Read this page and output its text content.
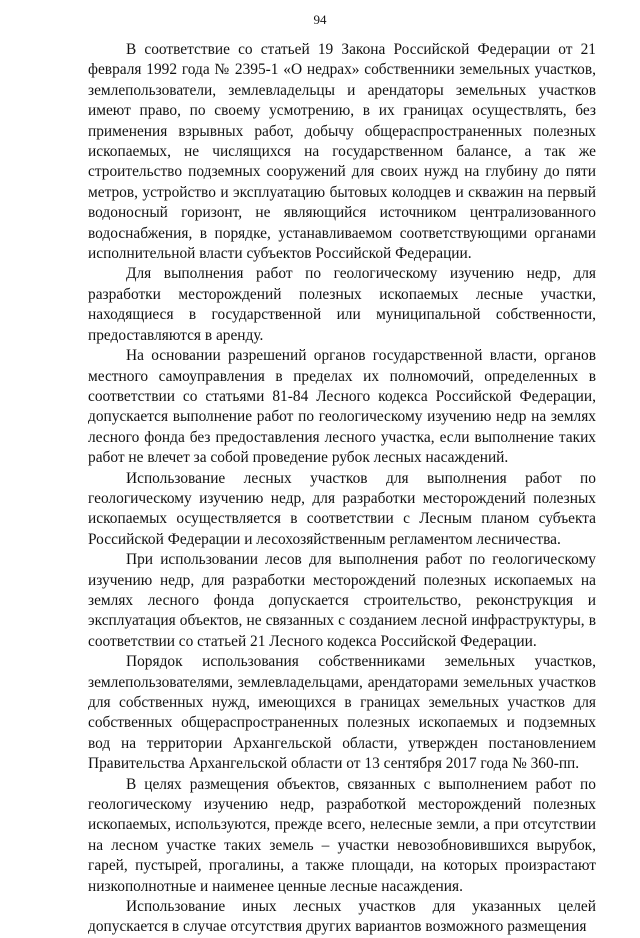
94

В соответствие со статьей 19 Закона Российской Федерации от 21 февраля 1992 года № 2395-1 «О недрах» собственники земельных участков, землепользователи, землевладельцы и арендаторы земельных участков имеют право, по своему усмотрению, в их границах осуществлять, без применения взрывных работ, добычу общераспространенных полезных ископаемых, не числящихся на государственном балансе, а так же строительство подземных сооружений для своих нужд на глубину до пяти метров, устройство и эксплуатацию бытовых колодцев и скважин на первый водоносный горизонт, не являющийся источником централизованного водоснабжения, в порядке, устанавливаемом соответствующими органами исполнительной власти субъектов Российской Федерации.

Для выполнения работ по геологическому изучению недр, для разработки месторождений полезных ископаемых лесные участки, находящиеся в государственной или муниципальной собственности, предоставляются в аренду.

На основании разрешений органов государственной власти, органов местного самоуправления в пределах их полномочий, определенных в соответствии со статьями 81-84 Лесного кодекса Российской Федерации, допускается выполнение работ по геологическому изучению недр на землях лесного фонда без предоставления лесного участка, если выполнение таких работ не влечет за собой проведение рубок лесных насаждений.

Использование лесных участков для выполнения работ по геологическому изучению недр, для разработки месторождений полезных ископаемых осуществляется в соответствии с Лесным планом субъекта Российской Федерации и лесохозяйственным регламентом лесничества.

При использовании лесов для выполнения работ по геологическому изучению недр, для разработки месторождений полезных ископаемых на землях лесного фонда допускается строительство, реконструкция и эксплуатация объектов, не связанных с созданием лесной инфраструктуры, в соответствии со статьей 21 Лесного кодекса Российской Федерации.

Порядок использования собственниками земельных участков, землепользователями, землевладельцами, арендаторами земельных участков для собственных нужд, имеющихся в границах земельных участков для собственных общераспространенных полезных ископаемых и подземных вод на территории Архангельской области, утвержден постановлением Правительства Архангельской области от 13 сентября 2017 года № 360-пп.

В целях размещения объектов, связанных с выполнением работ по геологическому изучению недр, разработкой месторождений полезных ископаемых, используются, прежде всего, нелесные земли, а при отсутствии на лесном участке таких земель – участки невозобновившихся вырубок, гарей, пустырей, прогалины, а также площади, на которых произрастают низкополнотные и наименее ценные лесные насаждения.

Использование иных лесных участков для указанных целей допускается в случае отсутствия других вариантов возможного размещения
